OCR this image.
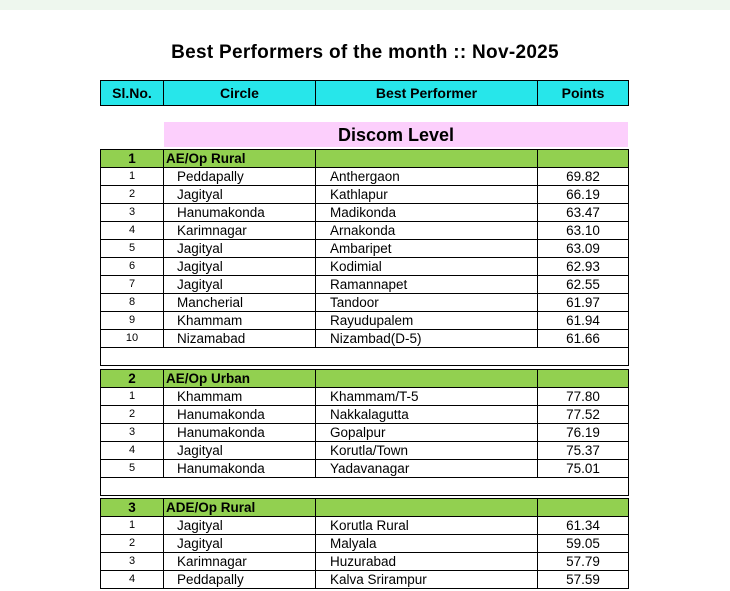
Best Performers of the month :: Nov-2025
Sl.No.	Circle	Best Performer	Points
Discom Level
1	AE/Op Rural		
1	Peddapally	Anthergaon	69.82
2	Jagityal	Kathlapur	66.19
3	Hanumakonda	Madikonda	63.47
4	Karimnagar	Arnakonda	63.10
5	Jagityal	Ambaripet	63.09
6	Jagityal	Kodimial	62.93
7	Jagityal	Ramannapet	62.55
8	Mancherial	Tandoor	61.97
9	Khammam	Rayudupalem	61.94
10	Nizamabad	Nizambad(D-5)	61.66

2	AE/Op Urban		
1	Khammam	Khammam/T-5	77.80
2	Hanumakonda	Nakkalagutta	77.52
3	Hanumakonda	Gopalpur	76.19
4	Jagityal	Korutla/Town	75.37
5	Hanumakonda	Yadavanagar	75.01

3	ADE/Op Rural		
1	Jagityal	Korutla Rural	61.34
2	Jagityal	Malyala	59.05
3	Karimnagar	Huzurabad	57.79
4	Peddapally	Kalva Srirampur	57.59
